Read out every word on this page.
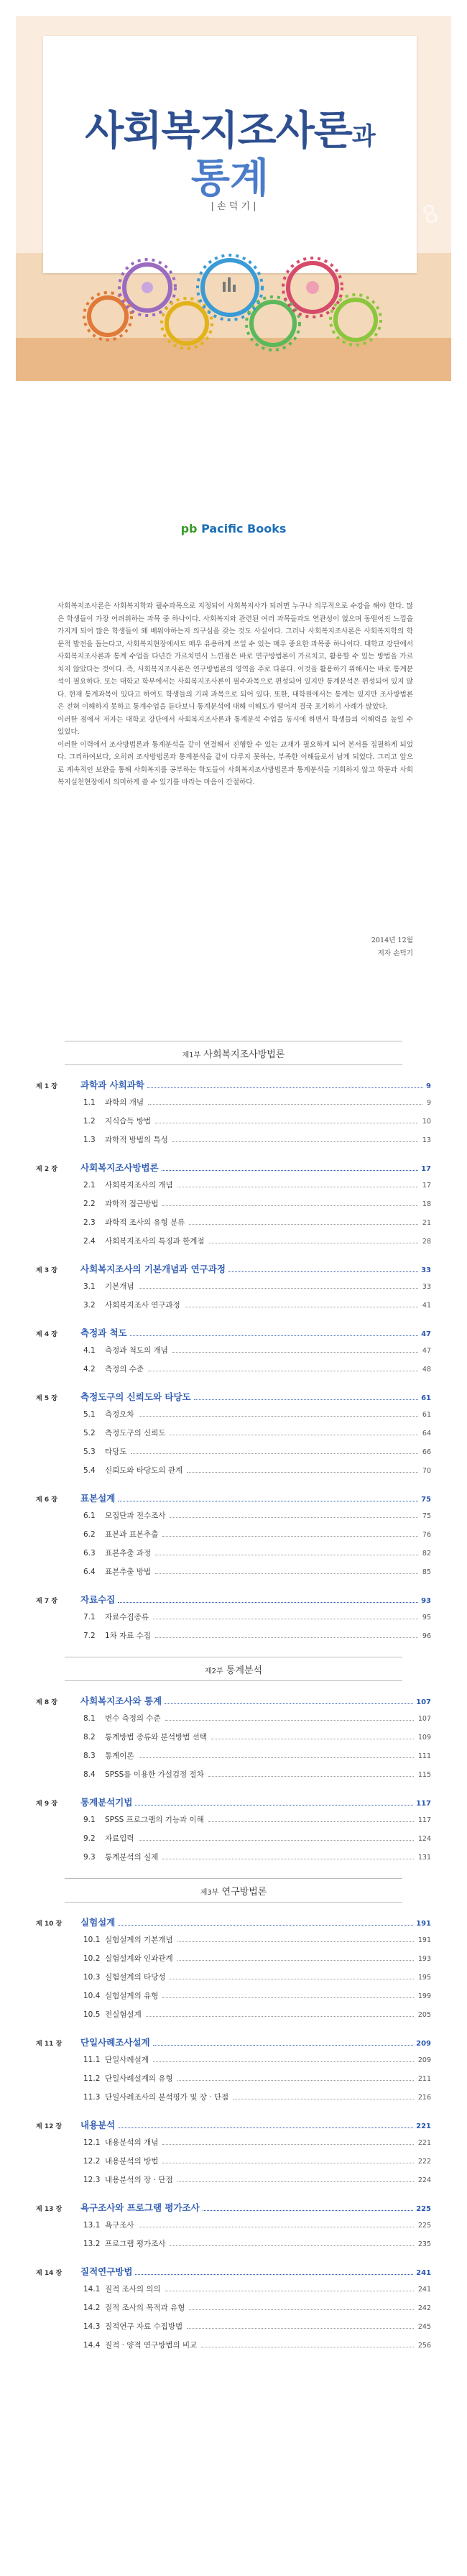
사회복지조사론과
통계
| 손 덕 기 |	0 1 5 8
pb Pacific Books

사회복지조사론은 사회복지학과 필수과목으로 지정되어 사회복지사가 되려면 누구나 의무적으로 수강을 해야 한다. 많은 학생들이 가장 어려워하는 과목 중 하나이다. 사회복지와 관련된 여러 과목들과도 연관성이 없으며 동떨어진 느낌을 가지게 되어 많은 학생들이 왜 배워야하는지 의구심을 갖는 것도 사실이다. 그러나 사회복지조사론은 사회복지학의 학문적 발전을 돕는다고, 사회복지현장에서도 매우 유용하게 쓰일 수 있는 매우 중요한 과목중 하나이다. 대학교 강단에서 사회복지조사론과 통계 수업을 다년간 가르치면서 느낀점은 바로 연구방법론이 가르치고, 활용할 수 있는 방법을 가르치지 않았다는 것이다. 즉, 사회복지조사론은 연구방법론의 영역을 주로 다룬다. 이것을 활용하기 위해서는 바로 통계분석이 필요하다. 또는 대학교 학부에서는 사회복지조사론이 필수과목으로 편성되어 있지만 통계분석은 편성되어 있지 않다. 현재 통계과목이 있다고 하여도 학생들의 기피 과목으로 되어 있다. 또한, 대학원에서는 통계는 있지만 조사방법론은 전혀 이해하지 못하고 통계수업을 듣다보니 통계분석에 대해 이해도가 떨어져 결국 포기하기 사례가 많았다.

이러한 점에서 저자는 대학교 강단에서 사회복지조사론과 통계분석 수업을 동시에 하면서 학생들의 이해력을 높일 수 있었다.

이러한 이력에서 조사방법론과 통계분석을 같이 연결해서 진행할 수 있는 교재가 필요하게 되어 본서를 집필하게 되었다. 그리하여보다, 오히려 조사방법론과 통계분석을 같이 다루지 못하는, 부족한 이해들로서 남게 되었다. 그리고 앞으로 계속적인 보완을 통해 사회복지를 공부하는 학도들이 사회복지조사방법론과 통계분석을 기회하지 않고 학문과 사회복지실천현장에서 의미하게 쓸 수 있기를 바라는 마음이 간절하다.

2014년 12월
저자 손덕기
제1부 사회복지조사방법론
제 1 장	과학과 사회과학	9
1.1	과학의 개념	9
1.2	지식습득 방법	10
1.3	과학적 방법의 특성	13
제 2 장	사회복지조사방법론	17
2.1	사회복지조사의 개념	17
2.2	과학적 접근방법	18
2.3	과학적 조사의 유형 분류	21
2.4	사회복지조사의 특징과 한계점	28
제 3 장	사회복지조사의 기본개념과 연구과정	33
3.1	기본개념	33
3.2	사회복지조사 연구과정	41
제 4 장	측정과 척도	47
4.1	측정과 척도의 개념	47
4.2	측정의 수준	48
제 5 장	측정도구의 신뢰도와 타당도	61
5.1	측정오차	61
5.2	측정도구의 신뢰도	64
5.3	타당도	66
5.4	신뢰도와 타당도의 관계	70
제 6 장	표본설계	75
6.1	모집단과 전수조사	75
6.2	표본과 표본추출	76
6.3	표본추출 과정	82
6.4	표본추출 방법	85
제 7 장	자료수집	93
7.1	자료수집종류	95
7.2	1차 자료 수집	96
제2부 통계분석
제 8 장	사회복지조사와 통계	107
8.1	변수 측정의 수준	107
8.2	통계방법 종류와 분석방법 선택	109
8.3	통계이론	111
8.4	SPSS를 이용한 가설검정 절차	115
제 9 장	통계분석기법	117
9.1	SPSS 프로그램의 기능과 이해	117
9.2	자료입력	124
9.3	통계분석의 실제	131
제3부 연구방법론
제 10 장	실험설계	191
10.1 실험설계의 기본개념	191
10.2 실험설계와 인과관계	193
10.3 실험설계의 타당성	195
10.4 실험설계의 유형	199
10.5 전실험설계	205
제 11 장	단일사례조사설계	209
11.1 단일사례설계	209
11.2 단일사례설계의 유형	211
11.3 단일사례조사의 분석평가 및 장 · 단점	216
제 12 장	내용분석	221
12.1 내용분석의 개념	221
12.2 내용분석의 방법	222
12.3 내용분석의 장 · 단점	224
제 13 장	욕구조사와 프로그램 평가조사	225
13.1 욕구조사	225
13.2 프로그램 평가조사	235
제 14 장	질적연구방법	241
14.1 질적 조사의 의의	241
14.2 질적 조사의 목적과 유형	242
14.3 질적연구 자료 수집방법	245
14.4 질적 · 양적 연구방법의 비교	256
